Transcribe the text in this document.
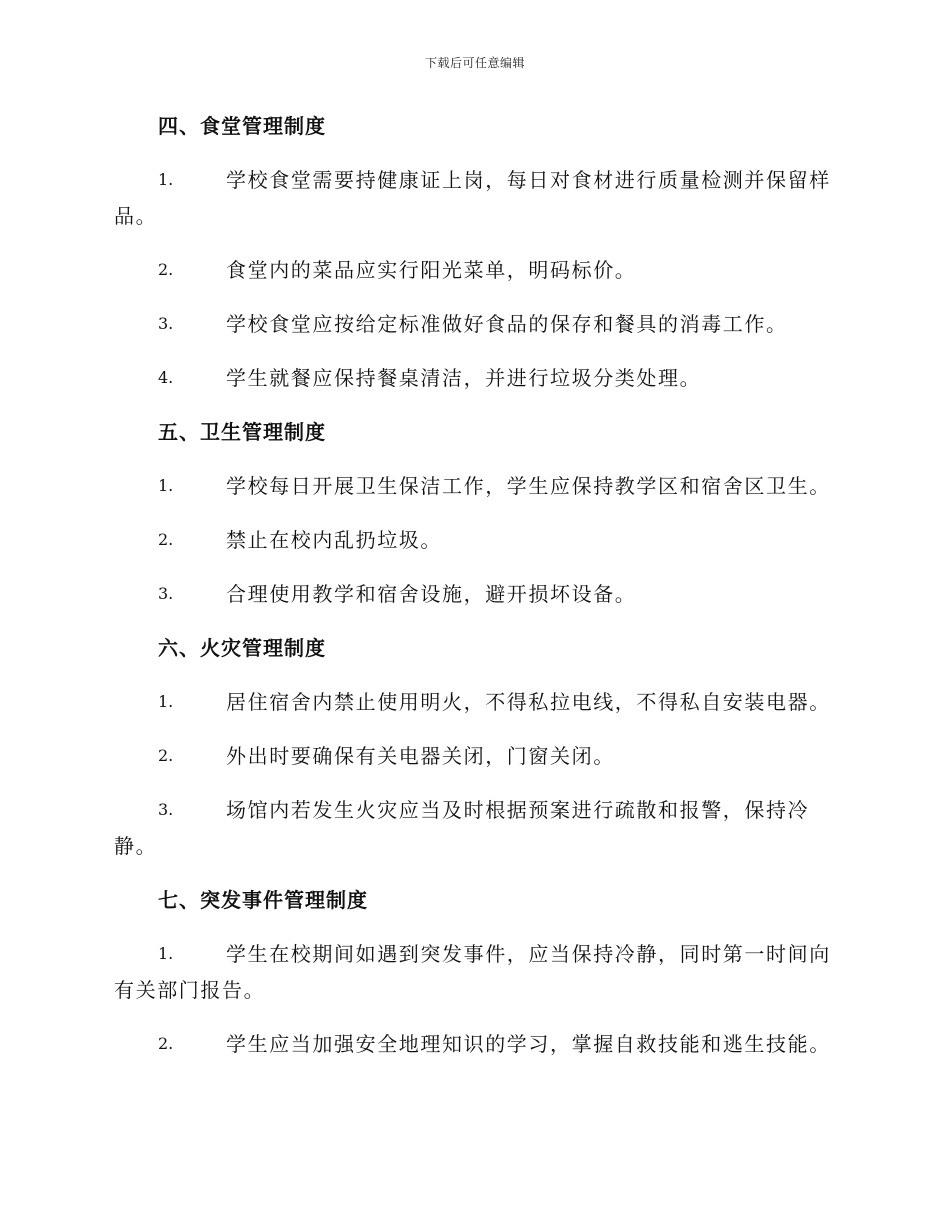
下载后可任意编辑
四、食堂管理制度
1.	学校食堂需要持健康证上岗，每日对食材进行质量检测并保留样品。
2.	食堂内的菜品应实行阳光菜单，明码标价。
3.	学校食堂应按给定标准做好食品的保存和餐具的消毒工作。
4.	学生就餐应保持餐桌清洁，并进行垃圾分类处理。
五、卫生管理制度
1.	学校每日开展卫生保洁工作，学生应保持教学区和宿舍区卫生。
2.	禁止在校内乱扔垃圾。
3.	合理使用教学和宿舍设施，避开损坏设备。
六、火灾管理制度
1.	居住宿舍内禁止使用明火，不得私拉电线，不得私自安装电器。
2.	外出时要确保有关电器关闭，门窗关闭。
3.	场馆内若发生火灾应当及时根据预案进行疏散和报警，保持冷静。
七、突发事件管理制度
1.	学生在校期间如遇到突发事件，应当保持冷静，同时第一时间向有关部门报告。
2.	学生应当加强安全地理知识的学习，掌握自救技能和逃生技能。
